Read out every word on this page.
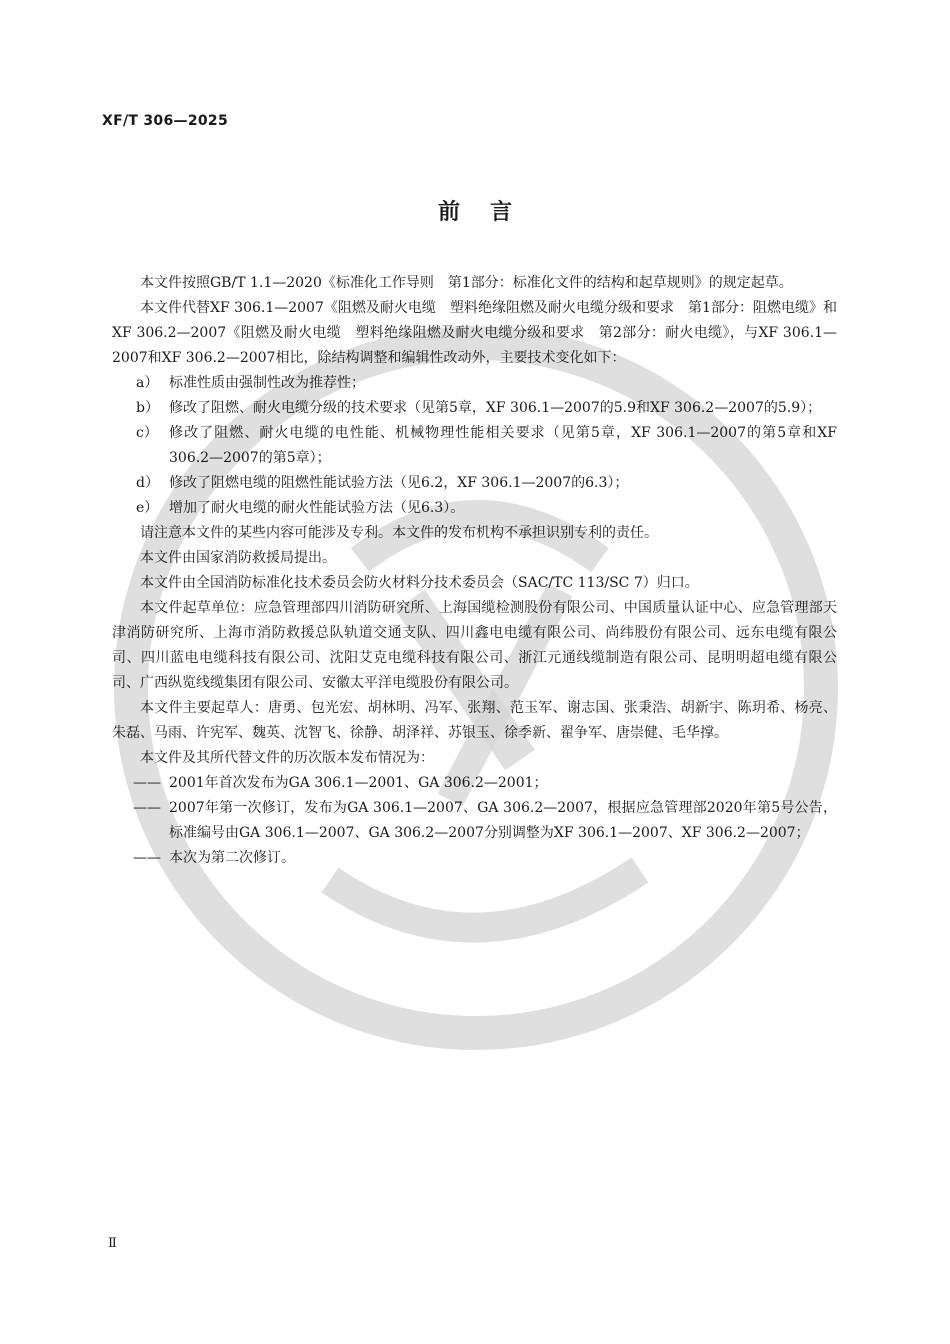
XF/T 306—2025
前言

本文件按照GB/T 1.1—2020《标准化工作导则　第1部分：标准化文件的结构和起草规则》的规定起草。

本文件代替XF 306.1—2007《阻燃及耐火电缆　塑料绝缘阻燃及耐火电缆分级和要求　第1部分：阻燃电缆》和XF 306.2—2007《阻燃及耐火电缆　塑料绝缘阻燃及耐火电缆分级和要求　第2部分：耐火电缆》，与XF 306.1—2007和XF 306.2—2007相比，除结构调整和编辑性改动外，主要技术变化如下：

a） 标准性质由强制性改为推荐性；

b） 修改了阻燃、耐火电缆分级的技术要求（见第5章，XF 306.1—2007的5.9和XF 306.2—2007的5.9）；

c） 修改了阻燃、耐火电缆的电性能、机械物理性能相关要求（见第5章，XF 306.1—2007的第5章和XF 306.2—2007的第5章）；

d） 修改了阻燃电缆的阻燃性能试验方法（见6.2，XF 306.1—2007的6.3）；

e） 增加了耐火电缆的耐火性能试验方法（见6.3）。

请注意本文件的某些内容可能涉及专利。本文件的发布机构不承担识别专利的责任。

本文件由国家消防救援局提出。

本文件由全国消防标准化技术委员会防火材料分技术委员会（SAC/TC 113/SC 7）归口。

本文件起草单位：应急管理部四川消防研究所、上海国缆检测股份有限公司、中国质量认证中心、应急管理部天津消防研究所、上海市消防救援总队轨道交通支队、四川鑫电电缆有限公司、尚纬股份有限公司、远东电缆有限公司、四川蓝电电缆科技有限公司、沈阳艾克电缆科技有限公司、浙江元通线缆制造有限公司、昆明明超电缆有限公司、广西纵览线缆集团有限公司、安徽太平洋电缆股份有限公司。

本文件主要起草人：唐勇、包光宏、胡林明、冯军、张翔、范玉军、谢志国、张秉浩、胡新宇、陈玥希、杨亮、朱磊、马雨、许宪军、魏英、沈智飞、徐静、胡泽祥、苏银玉、徐季新、翟争军、唐崇健、毛华撑。

本文件及其所代替文件的历次版本发布情况为：

—— 2001年首次发布为GA 306.1—2001、GA 306.2—2001；

—— 2007年第一次修订，发布为GA 306.1—2007、GA 306.2—2007，根据应急管理部2020年第5号公告，标准编号由GA 306.1—2007、GA 306.2—2007分别调整为XF 306.1—2007、XF 306.2—2007；

—— 本次为第二次修订。

Ⅱ
